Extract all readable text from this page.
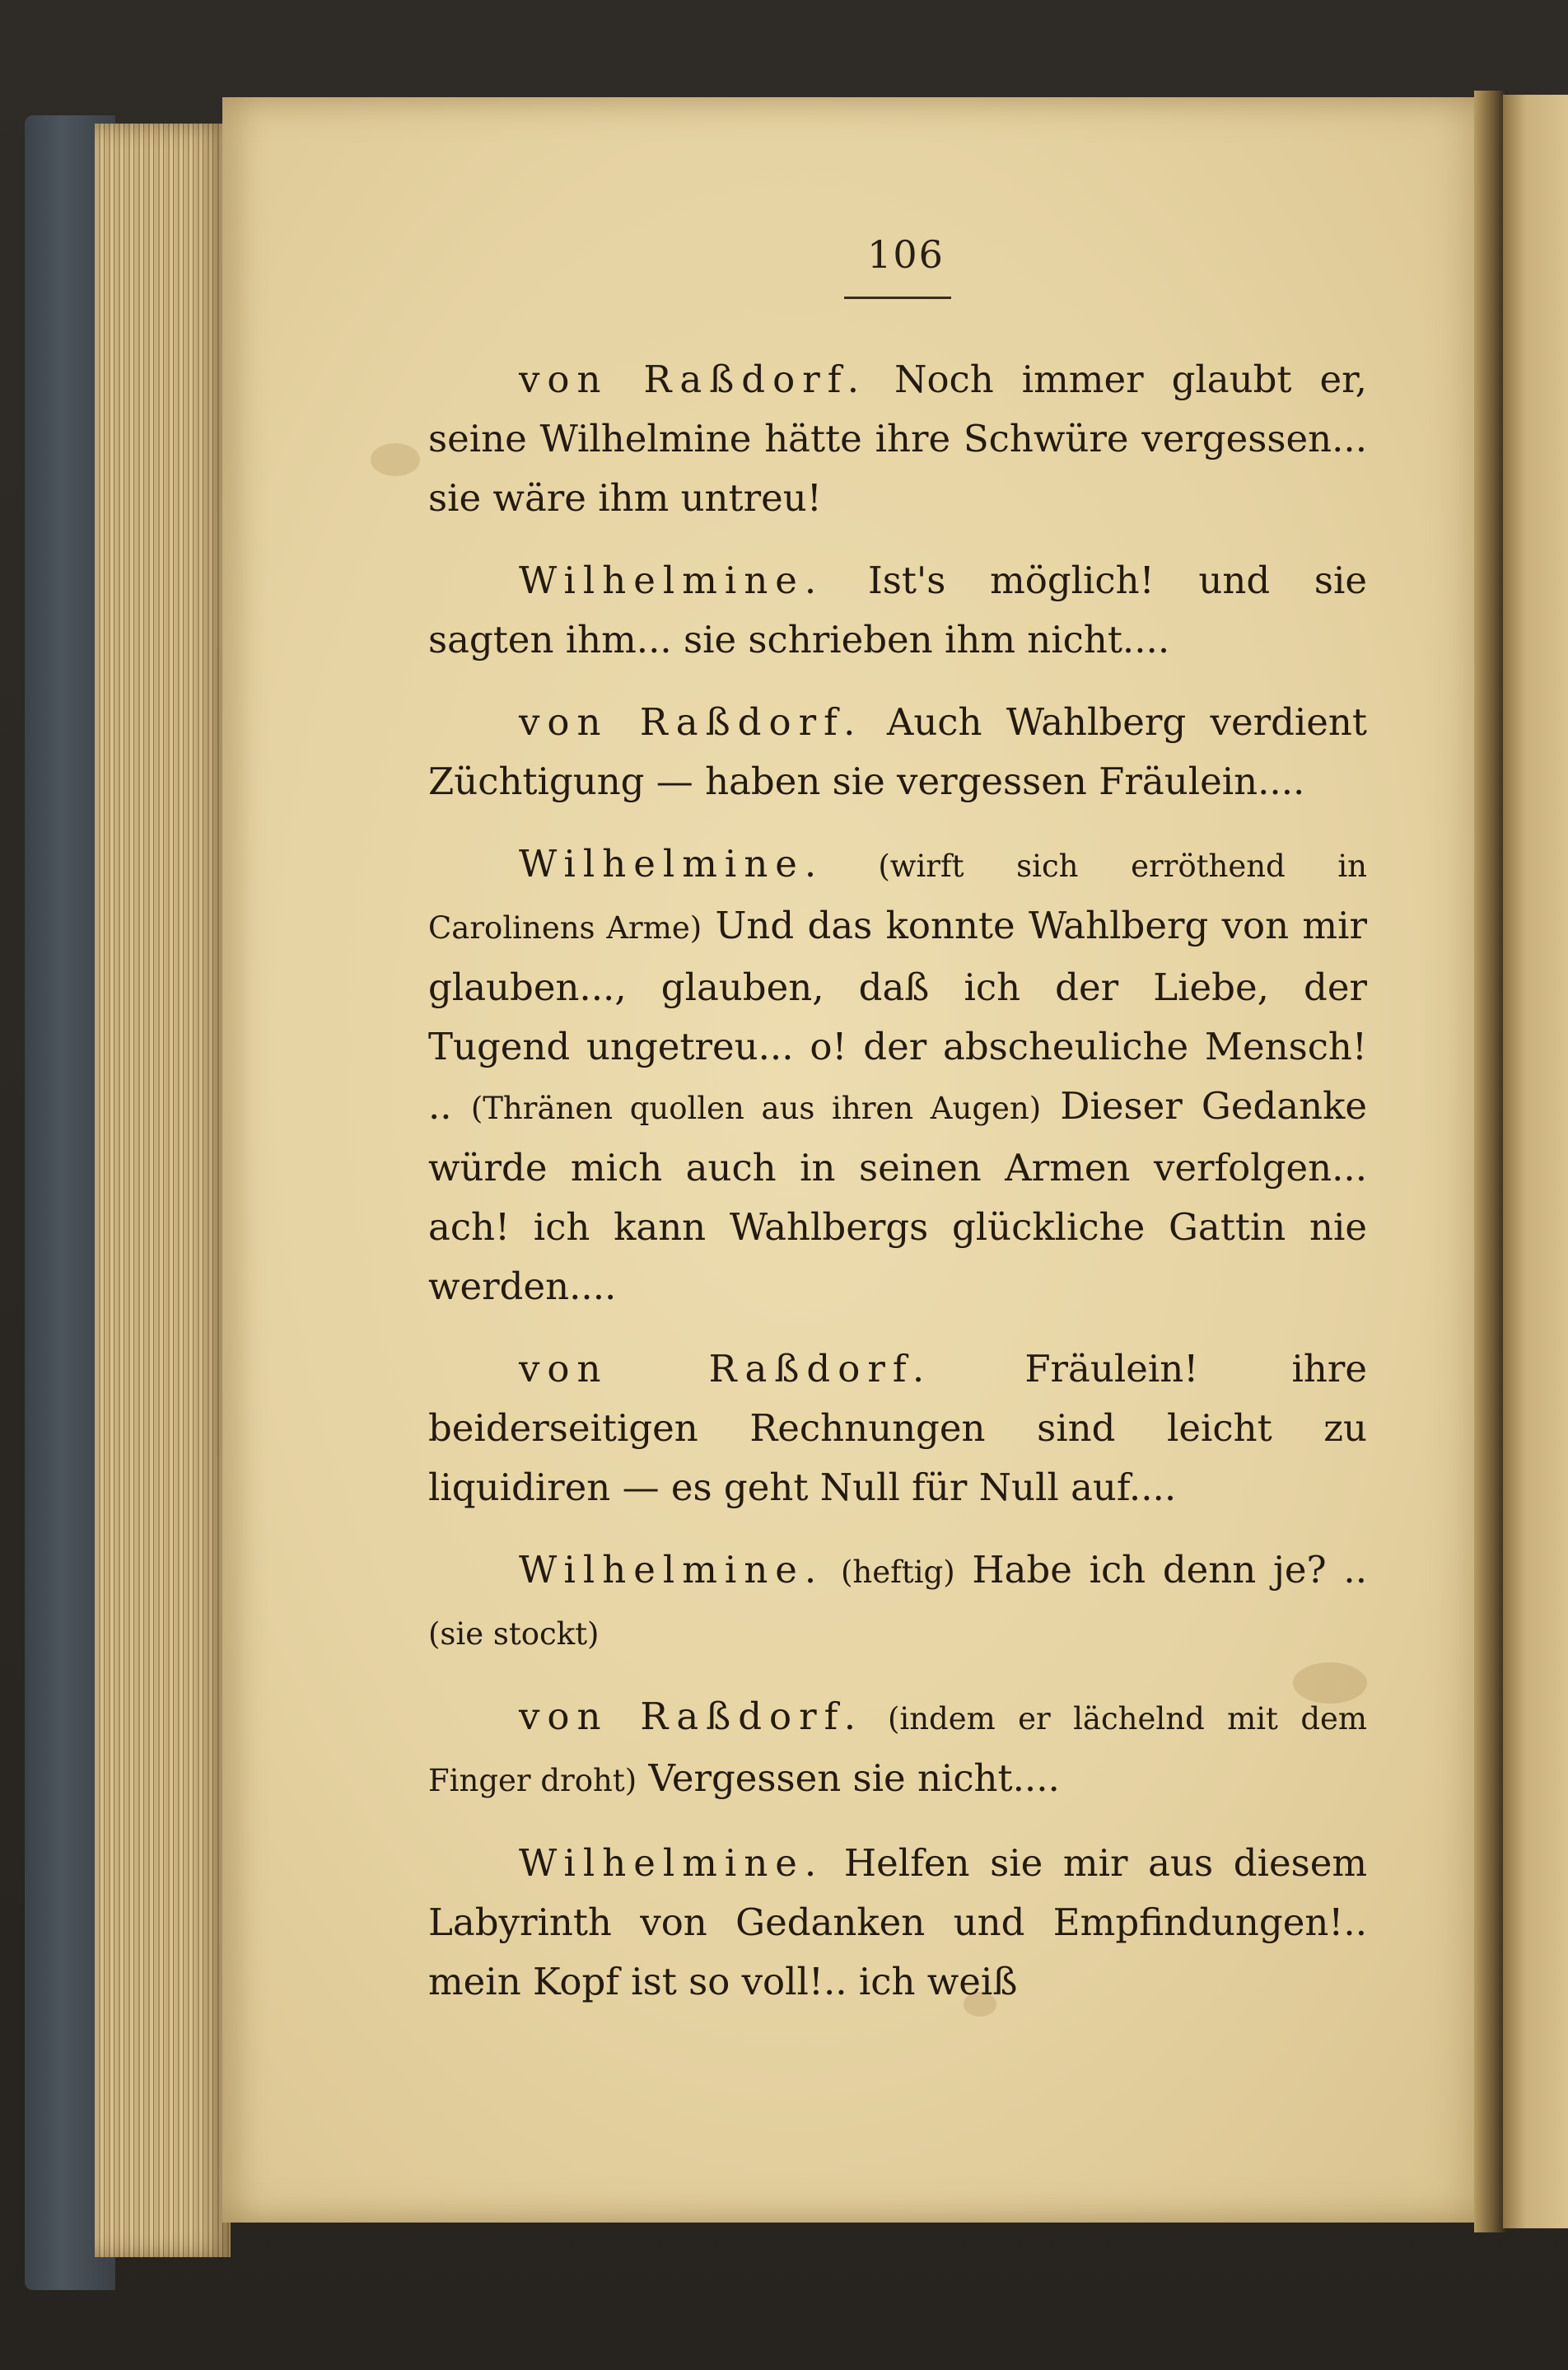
106

von Raßdorf. Noch immer glaubt er, seine Wilhelmine hätte ihre Schwüre vergessen... sie wäre ihm untreu!

Wilhelmine. Ist's möglich! und sie sagten ihm... sie schrieben ihm nicht....

von Raßdorf. Auch Wahlberg verdient Züchtigung — haben sie vergessen Fräulein....

Wilhelmine. (wirft sich erröthend in Carolinens Arme) Und das konnte Wahlberg von mir glauben..., glauben, daß ich der Liebe, der Tugend ungetreu... o! der abscheuliche Mensch! .. (Thränen quollen aus ihren Augen) Dieser Gedanke würde mich auch in seinen Armen verfolgen... ach! ich kann Wahlbergs glückliche Gattin nie werden....

von Raßdorf.	Fräulein! ihre beiderseitigen Rechnungen sind leicht zu liquidiren — es geht Null für Null auf....

Wilhelmine. (heftig) Habe ich denn je? .. (sie stockt)

von Raßdorf. (indem er lächelnd mit dem Finger droht) Vergessen sie nicht....

Wilhelmine. Helfen sie mir aus diesem Labyrinth von Gedanken und Empfindungen!.. mein Kopf ist so voll!.. ich weiß
